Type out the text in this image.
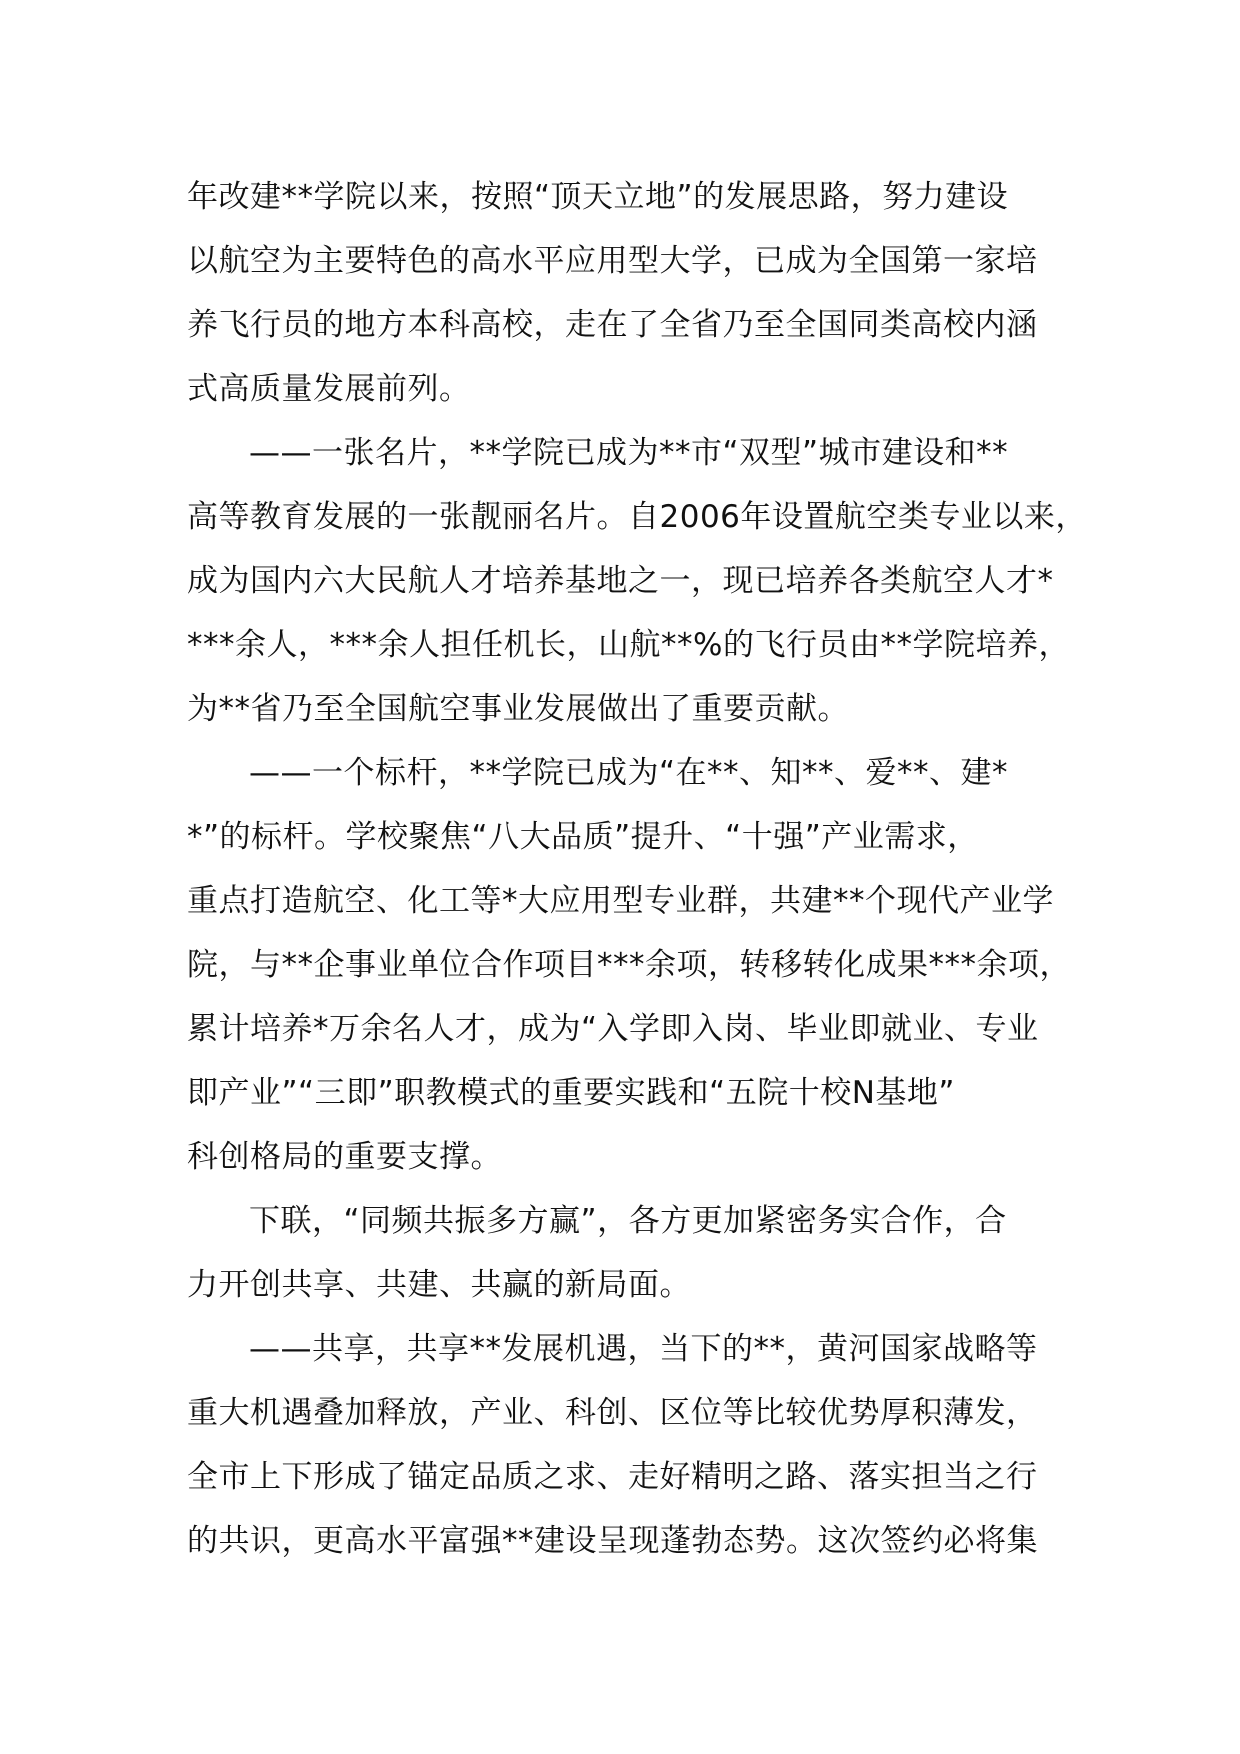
年改建**学院以来，按照“顶天立地”的发展思路，努力建设
以航空为主要特色的高水平应用型大学，已成为全国第一家培
养飞行员的地方本科高校，走在了全省乃至全国同类高校内涵
式高质量发展前列。
——一张名片，**学院已成为**市“双型”城市建设和**
高等教育发展的一张靓丽名片。自2006年设置航空类专业以来，
成为国内六大民航人才培养基地之一，现已培养各类航空人才*
***余人，***余人担任机长，山航**%的飞行员由**学院培养，
为**省乃至全国航空事业发展做出了重要贡献。
——一个标杆，**学院已成为“在**、知**、爱**、建*
*”的标杆。学校聚焦“八大品质”提升、“十强”产业需求，
重点打造航空、化工等*大应用型专业群，共建**个现代产业学
院，与**企事业单位合作项目***余项，转移转化成果***余项，
累计培养*万余名人才，成为“入学即入岗、毕业即就业、专业
即产业”“三即”职教模式的重要实践和“五院十校N基地”
科创格局的重要支撑。
下联，“同频共振多方赢”，各方更加紧密务实合作，合
力开创共享、共建、共赢的新局面。
——共享，共享**发展机遇，当下的**，黄河国家战略等
重大机遇叠加释放，产业、科创、区位等比较优势厚积薄发，
全市上下形成了锚定品质之求、走好精明之路、落实担当之行
的共识，更高水平富强**建设呈现蓬勃态势。这次签约必将集
